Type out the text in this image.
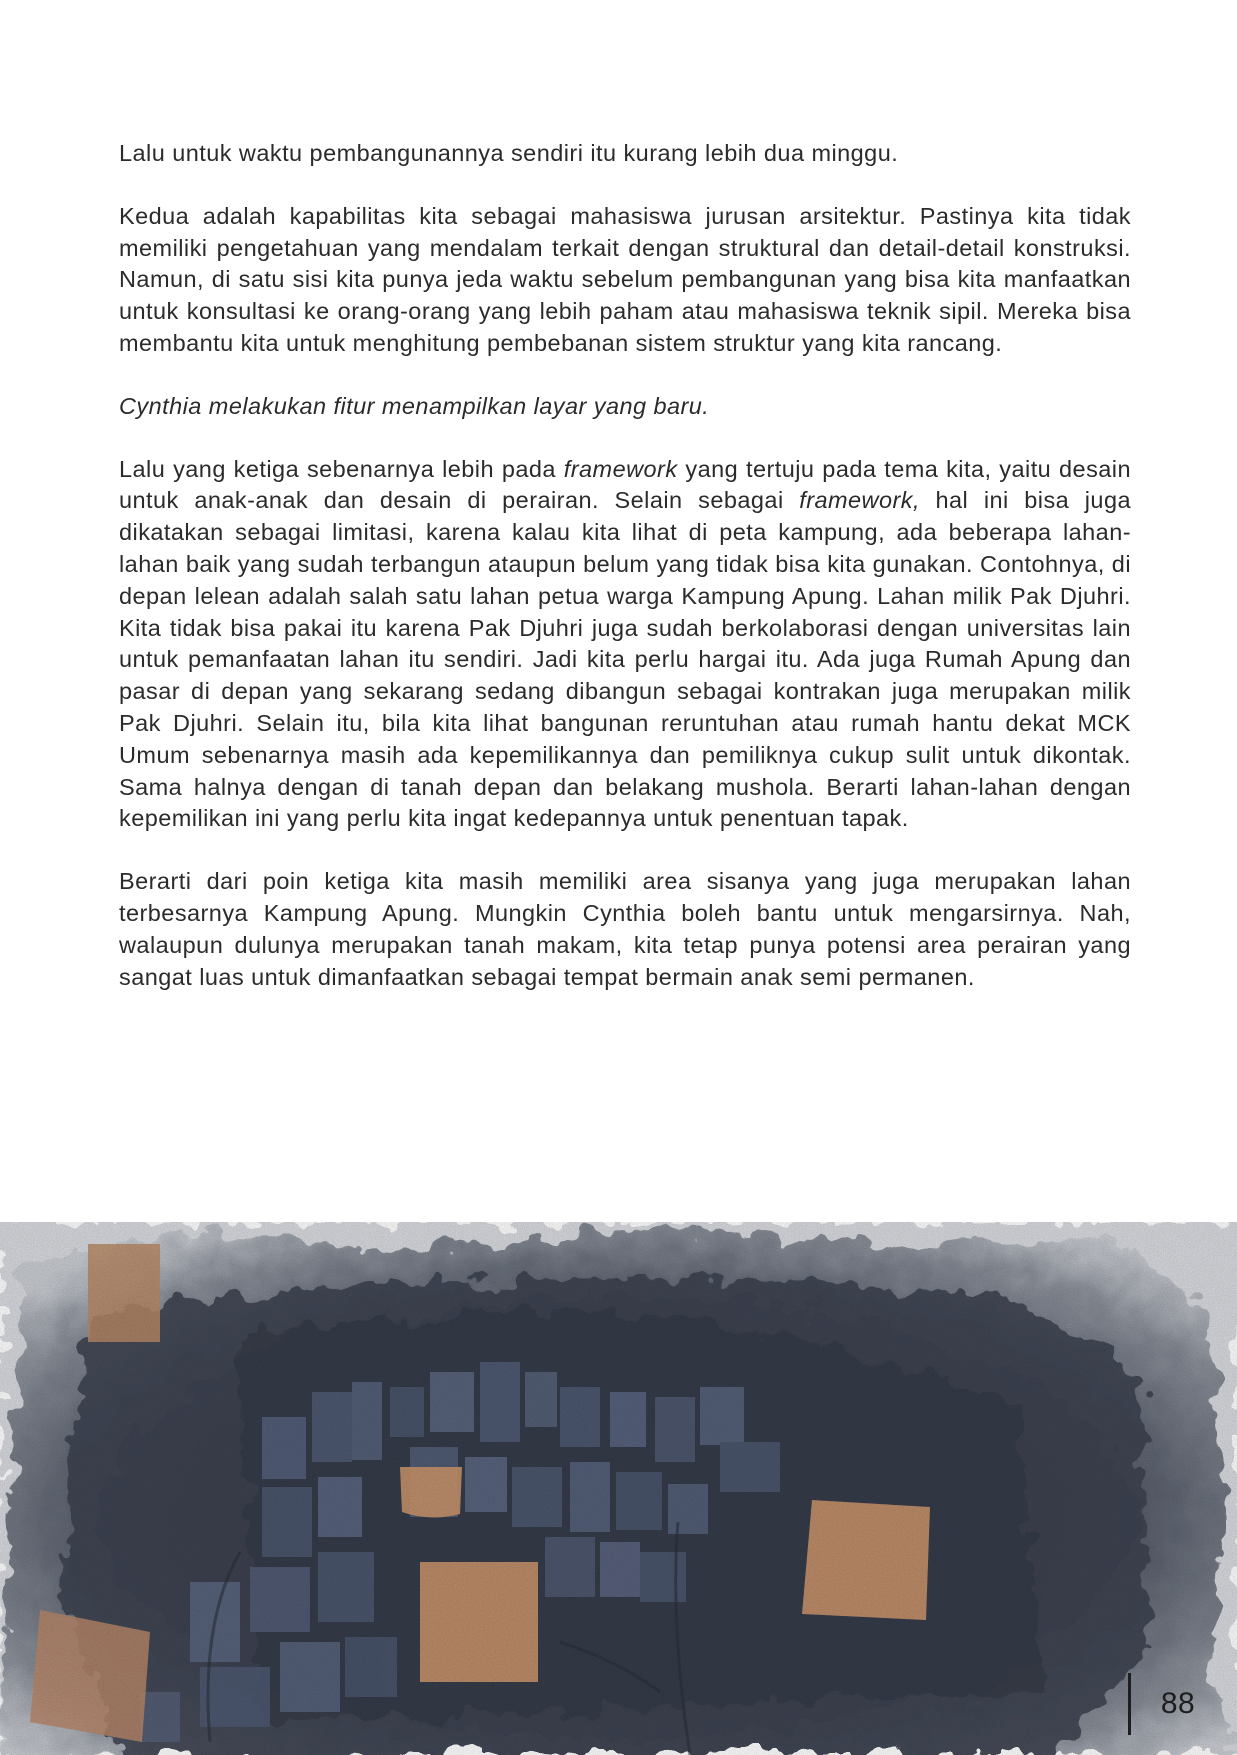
Lalu untuk waktu pembangunannya sendiri itu kurang lebih dua minggu.

Kedua adalah kapabilitas kita sebagai mahasiswa jurusan arsitektur. Pastinya kita tidak memiliki pengetahuan yang mendalam terkait dengan struktural dan detail-detail konstruksi. Namun, di satu sisi kita punya jeda waktu sebelum pembangunan yang bisa kita manfaatkan untuk konsultasi ke orang-orang yang lebih paham atau mahasiswa teknik sipil. Mereka bisa membantu kita untuk menghitung pembebanan sistem struktur yang kita rancang.

Cynthia melakukan fitur menampilkan layar yang baru.

Lalu yang ketiga sebenarnya lebih pada framework yang tertuju pada tema kita, yaitu desain untuk anak-anak dan desain di perairan. Selain sebagai framework, hal ini bisa juga dikatakan sebagai limitasi, karena kalau kita lihat di peta kampung, ada beberapa lahan-lahan baik yang sudah terbangun ataupun belum yang tidak bisa kita gunakan. Contohnya, di depan lelean adalah salah satu lahan petua warga Kampung Apung. Lahan milik Pak Djuhri. Kita tidak bisa pakai itu karena Pak Djuhri juga sudah berkolaborasi dengan universitas lain untuk pemanfaatan lahan itu sendiri. Jadi kita perlu hargai itu. Ada juga Rumah Apung dan pasar di depan yang sekarang sedang dibangun sebagai kontrakan juga merupakan milik Pak Djuhri. Selain itu, bila kita lihat bangunan reruntuhan atau rumah hantu dekat MCK Umum sebenarnya masih ada kepemilikannya dan pemiliknya cukup sulit untuk dikontak. Sama halnya dengan di tanah depan dan belakang mushola. Berarti lahan-lahan dengan kepemilikan ini yang perlu kita ingat kedepannya untuk penentuan tapak.

Berarti dari poin ketiga kita masih memiliki area sisanya yang juga merupakan lahan terbesarnya Kampung Apung. Mungkin Cynthia boleh bantu untuk mengarsirnya. Nah, walaupun dulunya merupakan tanah makam, kita tetap punya potensi area perairan yang sangat luas untuk dimanfaatkan sebagai tempat bermain anak semi permanen.

88
